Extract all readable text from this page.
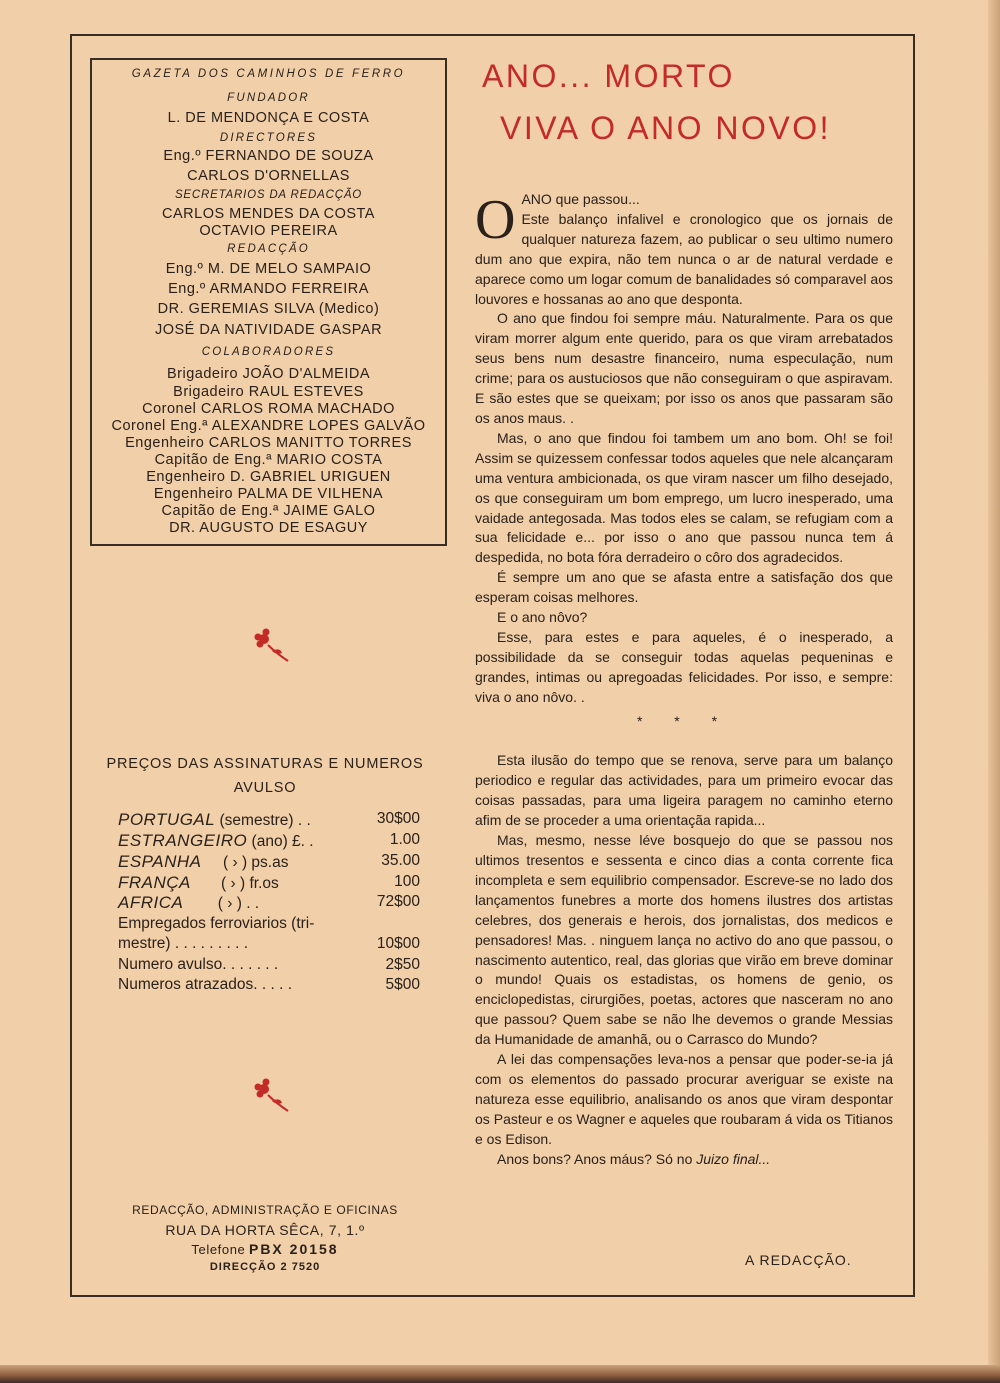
GAZETA DOS CAMINHOS DE FERRO
FUNDADOR
L. DE MENDONÇA E COSTA
DIRECTORES
Eng.º FERNANDO DE SOUZA
CARLOS D'ORNELLAS
SECRETARIOS DA REDACÇÃO
CARLOS MENDES DA COSTA
OCTAVIO PEREIRA
REDACÇÃO
Eng.º M. DE MELO SAMPAIO
Eng.º ARMANDO FERREIRA
DR. GEREMIAS SILVA (Medico)
JOSÉ DA NATIVIDADE GASPAR
COLABORADORES
Brigadeiro JOÃO D'ALMEIDA
Brigadeiro RAUL ESTEVES
Coronel CARLOS ROMA MACHADO
Coronel Eng.ª ALEXANDRE LOPES GALVÃO
Engenheiro CARLOS MANITTO TORRES
Capitão de Eng.ª MARIO COSTA
Engenheiro D. GABRIEL URIGUEN
Engenheiro PALMA DE VILHENA
Capitão de Eng.ª JAIME GALO
DR. AUGUSTO DE ESAGUY
PREÇOS DAS ASSINATURAS E NUMEROS
AVULSO
PORTUGAL (semestre) . .	30$00
ESTRANGEIRO (ano) £. .	1.00
ESPANHA     ( › ) ps.as	35.00
FRANÇA       ( › ) fr.os	100
AFRICA        ( › ) . .	72$00
Empregados ferroviarios (tri-
mestre) . . . . . . . . .	10$00
Numero avulso. . . . . . .	2$50
Numeros atrazados. . . . .	5$00
REDACÇÃO, ADMINISTRAÇÃO E OFICINAS
RUA DA HORTA SÊCA, 7, 1.º
Telefone PBX 20158
DIRECÇÃO 2 7520
ANO... MORTO
VIVA O ANO NOVO!
O ANO que passou...
Este balanço infalivel e cronologico que os jornais de qualquer natureza fazem, ao publicar o seu ultimo numero dum ano que expira, não tem nunca o ar de natural verdade e aparece como um logar comum de banalidades só comparavel aos louvores e hossanas ao ano que desponta.

O ano que findou foi sempre máu. Naturalmente. Para os que viram morrer algum ente querido, para os que viram arrebatados seus bens num desastre financeiro, numa especulação, num crime; para os austuciosos que não conseguiram o que aspiravam. E são estes que se queixam; por isso os anos que passaram são os anos maus. .

Mas, o ano que findou foi tambem um ano bom. Oh! se foi! Assim se quizessem confessar todos aqueles que nele alcançaram uma ventura ambicionada, os que viram nascer um filho desejado, os que conseguiram um bom emprego, um lucro inesperado, uma vaidade antegosada. Mas todos eles se calam, se refugiam com a sua felicidade e... por isso o ano que passou nunca tem á despedida, no bota fóra derradeiro o côro dos agradecidos.

É sempre um ano que se afasta entre a satisfação dos que esperam coisas melhores.

E o ano nôvo?

Esse, para estes e para aqueles, é o inesperado, a possibilidade da se conseguir todas aquelas pequeninas e grandes, intimas ou apregoadas felicidades. Por isso, e sempre: viva o ano nôvo. .

* * *

Esta ilusão do tempo que se renova, serve para um balanço periodico e regular das actividades, para um primeiro evocar das coisas passadas, para uma ligeira paragem no caminho eterno afim de se proceder a uma orientaçãa rapida...

Mas, mesmo, nesse léve bosquejo do que se passou nos ultimos tresentos e sessenta e cinco dias a conta corrente fica incompleta e sem equilibrio compensador. Escreve-se no lado dos lançamentos funebres a morte dos homens ilustres dos artistas celebres, dos generais e herois, dos jornalistas, dos medicos e pensadores! Mas. . ninguem lança no activo do ano que passou, o nascimento autentico, real, das glorias que virão em breve dominar o mundo! Quais os estadistas, os homens de genio, os enciclopedistas, cirurgiões, poetas, actores que nasceram no ano que passou? Quem sabe se não lhe devemos o grande Messias da Humanidade de amanhã, ou o Carrasco do Mundo?

A lei das compensações leva-nos a pensar que poder-se-ia já com os elementos do passado procurar averiguar se existe na natureza esse equilibrio, analisando os anos que viram despontar os Pasteur e os Wagner e aqueles que roubaram á vida os Titianos e os Edison.

Anos bons? Anos máus? Só no Juizo final...

A REDACÇÃO.
